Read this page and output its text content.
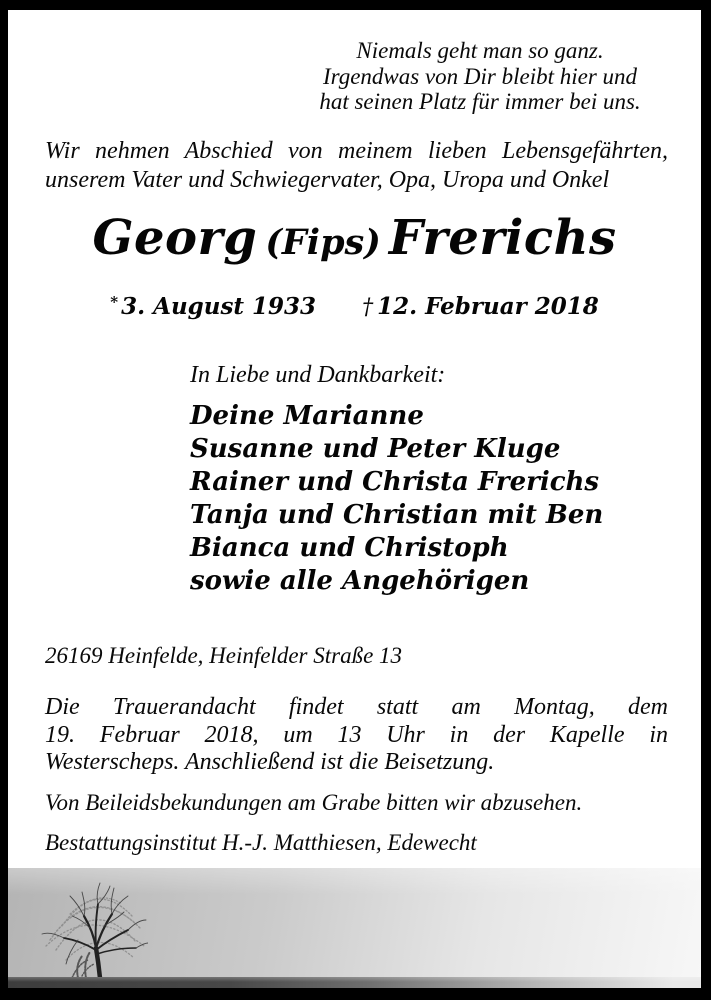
Niemals geht man so ganz.
Irgendwas von Dir bleibt hier und
hat seinen Platz für immer bei uns.
Wir nehmen Abschied von meinem lieben Lebensgefährten,
unserem Vater und Schwiegervater, Opa, Uropa und Onkel
Georg (Fips) Frerichs
* 3. August 1933 † 12. Februar 2018
In Liebe und Dankbarkeit:
Deine Marianne
Susanne und Peter Kluge
Rainer und Christa Frerichs
Tanja und Christian mit Ben
Bianca und Christoph
sowie alle Angehörigen
26169 Heinfelde, Heinfelder Straße 13
Die Trauerandacht findet statt am Montag, dem
19. Februar 2018, um 13 Uhr in der Kapelle in
Westerscheps. Anschließend ist die Beisetzung.
Von Beileidsbekundungen am Grabe bitten wir abzusehen.
Bestattungsinstitut H.-J. Matthiesen, Edewecht
